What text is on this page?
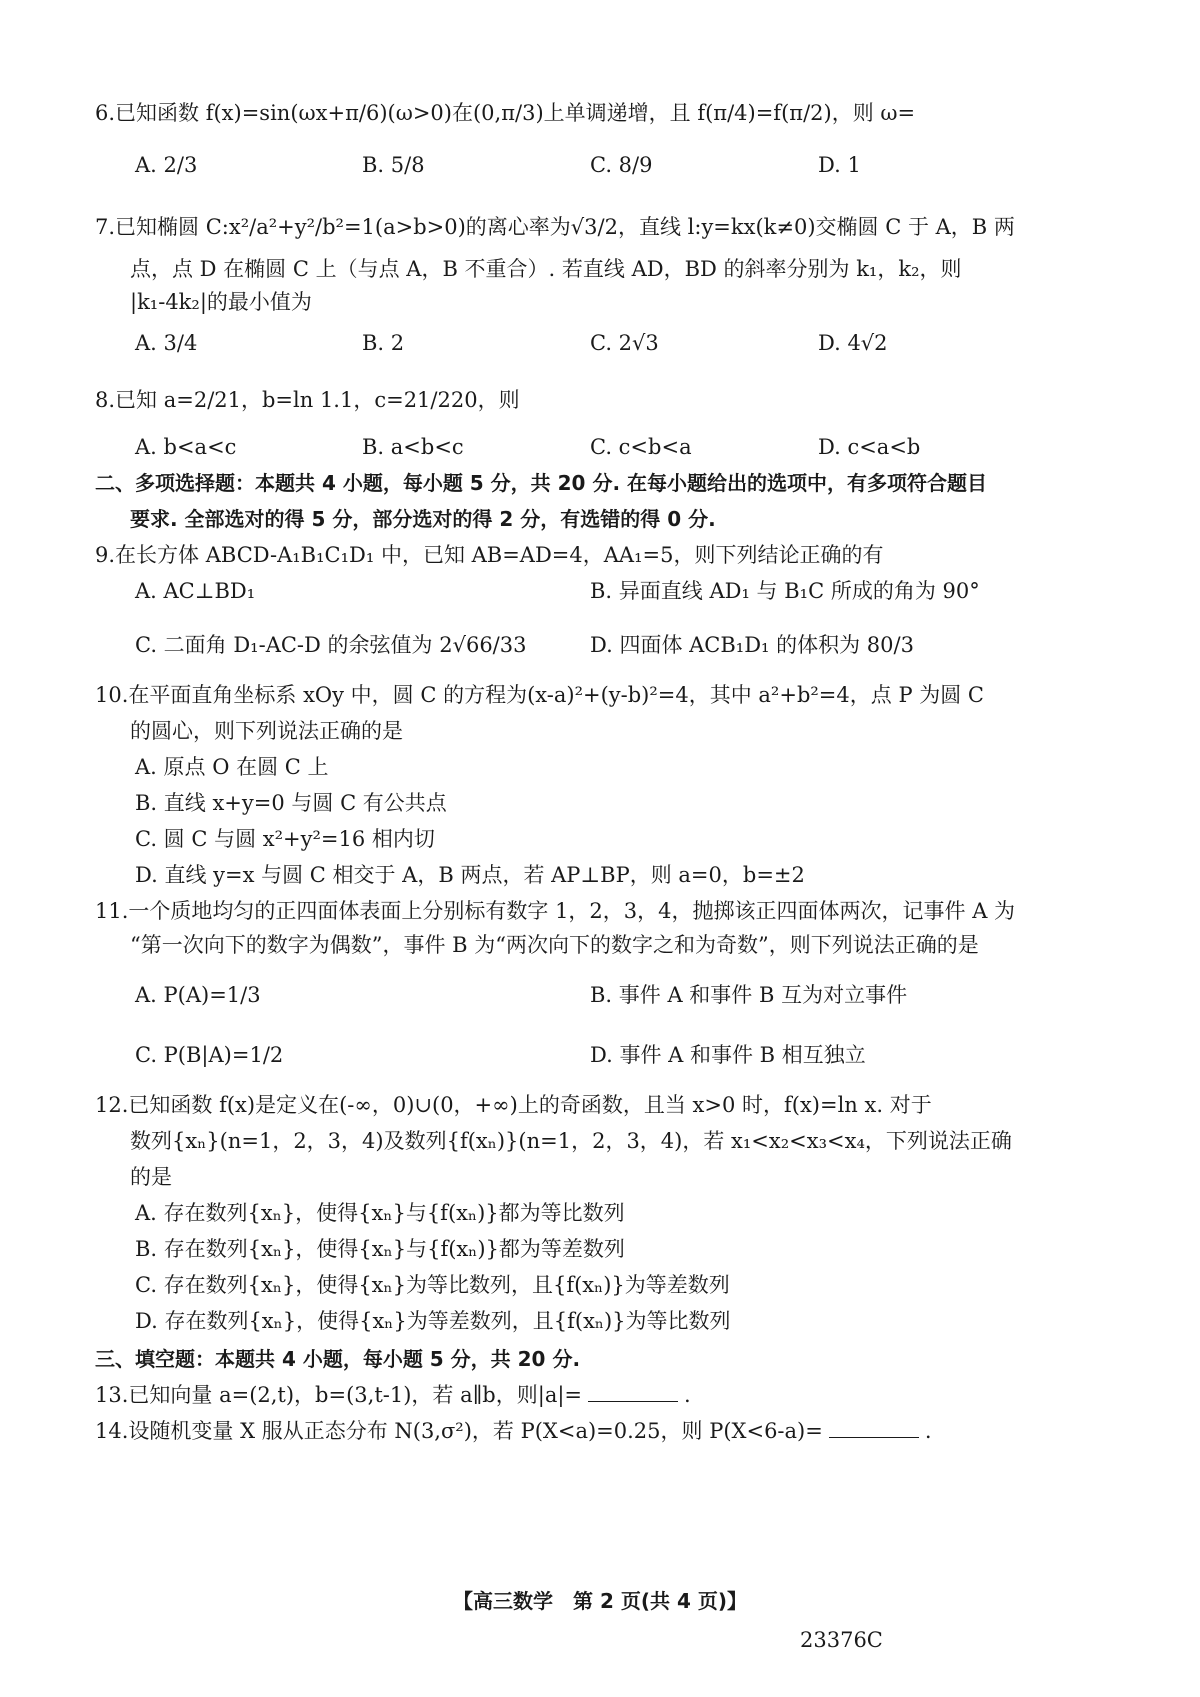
6.已知函数 f(x)=sin(ωx+π/6)(ω>0)在(0,π/3)上单调递增，且 f(π/4)=f(π/2)，则 ω=
A. 2/3	B. 5/8	C. 8/9	D. 1
7.已知椭圆 C:x²/a²+y²/b²=1(a>b>0)的离心率为√3/2，直线 l:y=kx(k≠0)交椭圆 C 于 A，B 两
点，点 D 在椭圆 C 上（与点 A，B 不重合）. 若直线 AD，BD 的斜率分别为 k₁，k₂，则
|k₁-4k₂|的最小值为
A. 3/4	B. 2	C. 2√3	D. 4√2
8.已知 a=2/21，b=ln 1.1，c=21/220，则
A. b<a<c	B. a<b<c	C. c<b<a	D. c<a<b
二、多项选择题：本题共 4 小题，每小题 5 分，共 20 分. 在每小题给出的选项中，有多项符合题目
要求. 全部选对的得 5 分，部分选对的得 2 分，有选错的得 0 分.
9.在长方体 ABCD-A₁B₁C₁D₁ 中，已知 AB=AD=4，AA₁=5，则下列结论正确的有
A. AC⊥BD₁	B. 异面直线 AD₁ 与 B₁C 所成的角为 90°
C. 二面角 D₁-AC-D 的余弦值为 2√66/33	D. 四面体 ACB₁D₁ 的体积为 80/3
10.在平面直角坐标系 xOy 中，圆 C 的方程为(x-a)²+(y-b)²=4，其中 a²+b²=4，点 P 为圆 C
的圆心，则下列说法正确的是
A. 原点 O 在圆 C 上
B. 直线 x+y=0 与圆 C 有公共点
C. 圆 C 与圆 x²+y²=16 相内切
D. 直线 y=x 与圆 C 相交于 A，B 两点，若 AP⊥BP，则 a=0，b=±2
11.一个质地均匀的正四面体表面上分别标有数字 1，2，3，4，抛掷该正四面体两次，记事件 A 为
“第一次向下的数字为偶数”，事件 B 为“两次向下的数字之和为奇数”，则下列说法正确的是
A. P(A)=1/3	B. 事件 A 和事件 B 互为对立事件
C. P(B|A)=1/2	D. 事件 A 和事件 B 相互独立
12.已知函数 f(x)是定义在(-∞，0)∪(0，+∞)上的奇函数，且当 x>0 时，f(x)=ln x. 对于
数列{xₙ}(n=1，2，3，4)及数列{f(xₙ)}(n=1，2，3，4)，若 x₁<x₂<x₃<x₄，下列说法正确
的是
A. 存在数列{xₙ}，使得{xₙ}与{f(xₙ)}都为等比数列
B. 存在数列{xₙ}，使得{xₙ}与{f(xₙ)}都为等差数列
C. 存在数列{xₙ}，使得{xₙ}为等比数列，且{f(xₙ)}为等差数列
D. 存在数列{xₙ}，使得{xₙ}为等差数列，且{f(xₙ)}为等比数列
三、填空题：本题共 4 小题，每小题 5 分，共 20 分.
13.已知向量 a=(2,t)，b=(3,t-1)，若 a∥b，则|a|=	.
14.设随机变量 X 服从正态分布 N(3,σ²)，若 P(X<a)=0.25，则 P(X<6-a)=	.
【高三数学　第 2 页(共 4 页)】
23376C
